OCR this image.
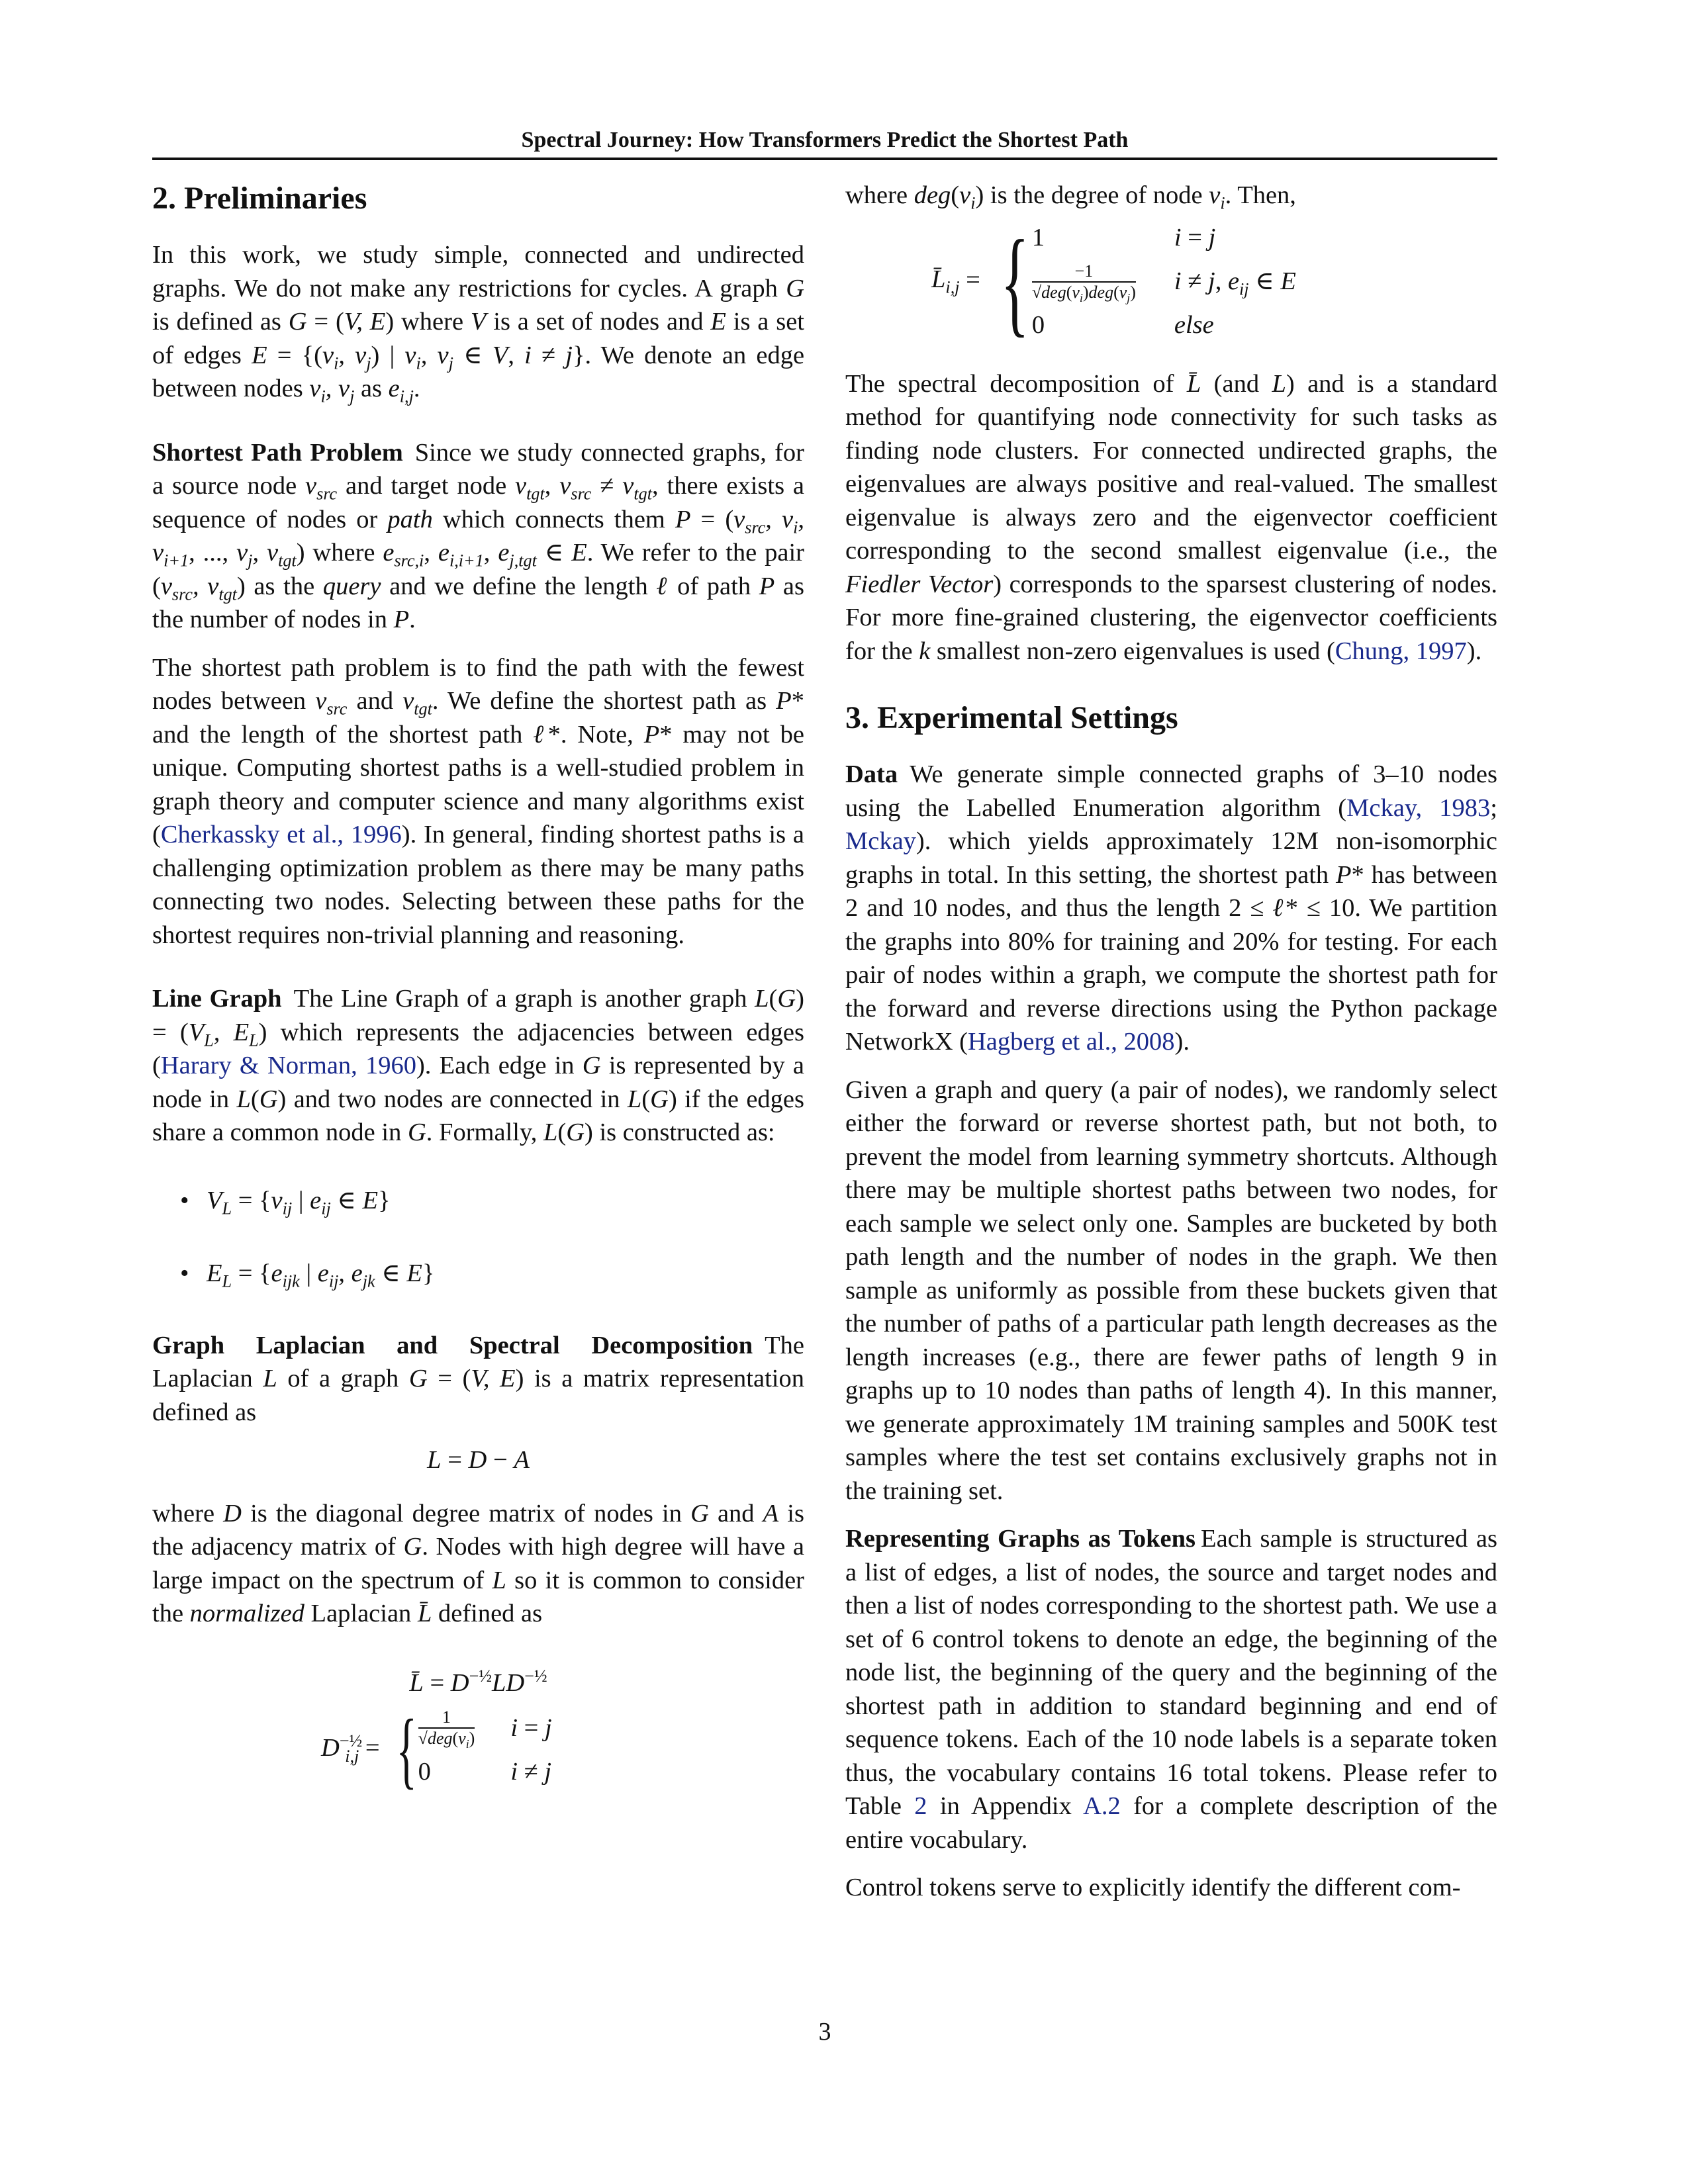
Spectral Journey: How Transformers Predict the Shortest Path
2. Preliminaries

In this work, we study simple, connected and undirected graphs. We do not make any restrictions for cycles. A graph G is defined as G = (V, E) where V is a set of nodes and E is a set of edges $E = \{(v_i$, $v_j$) | $v_i$, $v_j$ ∈ V, i ≠ j}. We denote an edge between nodes $v_i$, $v_j$ as $e_{i,j}$.

Shortest Path Problem Since we study connected graphs, for a source node $v_{src}$ and target node $v_{tgt}$, $v_{src} \ne v_{tgt}$, there exists a sequence of nodes or path which connects them $P = (v_{src}$, $v_i$, $v_{i+1}$, ..., $v_j$, $v_{tgt}$) where $e_{src,i}$, $e_{i,i+1}$, $e_{j,tgt}$ ∈ E. We refer to the pair ($v_{src}$, $v_{tgt}$) as the query and we define the length ℓ of path P as the number of nodes in P.

The shortest path problem is to find the path with the fewest nodes between $v_{src}$ and $v_{tgt}$. We define the shortest path as P* and the length of the shortest path ℓ*. Note, P* may not be unique. Computing shortest paths is a well-studied problem in graph theory and computer science and many algorithms exist (Cherkassky et al., 1996). In general, finding shortest paths is a challenging optimization problem as there may be many paths connecting two nodes. Selecting between these paths for the shortest requires non-trivial planning and reasoning.

Line Graph The Line Graph of a graph is another graph $L(G) = (V_L$, $E_L$) which represents the adjacencies between edges (Harary & Norman, 1960). Each edge in G is represented by a node in L(G) and two nodes are connected in L(G) if the edges share a common node in G. Formally, L(G) is constructed as:

• $V_L = \{v_{ij}$ | $e_{ij}$ ∈ E}
• $E_L = \{e_{ijk}$ | $e_{ij}$, $e_{jk}$ ∈ E}

Graph Laplacian and Spectral Decomposition The Laplacian L of a graph G = (V, E) is a matrix representation defined as

L = D − A

where D is the diagonal degree matrix of nodes in G and A is the adjacency matrix of G. Nodes with high degree will have a large impact on the spectrum of L so it is common to consider the normalized Laplacian L̄ defined as

L̄ = $D^{-\frac{1}{2}}LD^{-\frac{1}{2}}$
$D^{-\frac{1}{2}}_{i,j}$ = { $\frac{1}{√deg(v_i)}$	i = j
0	i ≠ j

where $deg(v_i)$ is the degree of node $v_i$. Then,

$L̄_{i,j}$ = { 1	i = j

$\frac{-1}{√deg(v_i)deg(v_j)}$	i ≠ j, $e_{ij}$ ∈ E
0	else

The spectral decomposition of L̄ (and L) and is a standard method for quantifying node connectivity for such tasks as finding node clusters. For connected undirected graphs, the eigenvalues are always positive and real-valued. The smallest eigenvalue is always zero and the eigenvector coefficient corresponding to the second smallest eigenvalue (i.e., the Fiedler Vector) corresponds to the sparsest clustering of nodes. For more fine-grained clustering, the eigenvector coefficients for the k smallest non-zero eigenvalues is used (Chung, 1997).

3. Experimental Settings

Data We generate simple connected graphs of 3–10 nodes using the Labelled Enumeration algorithm (Mckay, 1983; Mckay). which yields approximately 12M non-isomorphic graphs in total. In this setting, the shortest path P* has between 2 and 10 nodes, and thus the length 2 ≤ ℓ* ≤ 10. We partition the graphs into 80% for training and 20% for testing. For each pair of nodes within a graph, we compute the shortest path for the forward and reverse directions using the Python package NetworkX (Hagberg et al., 2008).

Given a graph and query (a pair of nodes), we randomly select either the forward or reverse shortest path, but not both, to prevent the model from learning symmetry shortcuts. Although there may be multiple shortest paths between two nodes, for each sample we select only one. Samples are bucketed by both path length and the number of nodes in the graph. We then sample as uniformly as possible from these buckets given that the number of paths of a particular path length decreases as the length increases (e.g., there are fewer paths of length 9 in graphs up to 10 nodes than paths of length 4). In this manner, we generate approximately 1M training samples and 500K test samples where the test set contains exclusively graphs not in the training set.

Representing Graphs as Tokens Each sample is structured as a list of edges, a list of nodes, the source and target nodes and then a list of nodes corresponding to the shortest path. We use a set of 6 control tokens to denote an edge, the beginning of the node list, the beginning of the query and the beginning of the shortest path in addition to standard beginning and end of sequence tokens. Each of the 10 node labels is a separate token thus, the vocabulary contains 16 total tokens. Please refer to Table 2 in Appendix A.2 for a complete description of the entire vocabulary.

Control tokens serve to explicitly identify the different com-

3
